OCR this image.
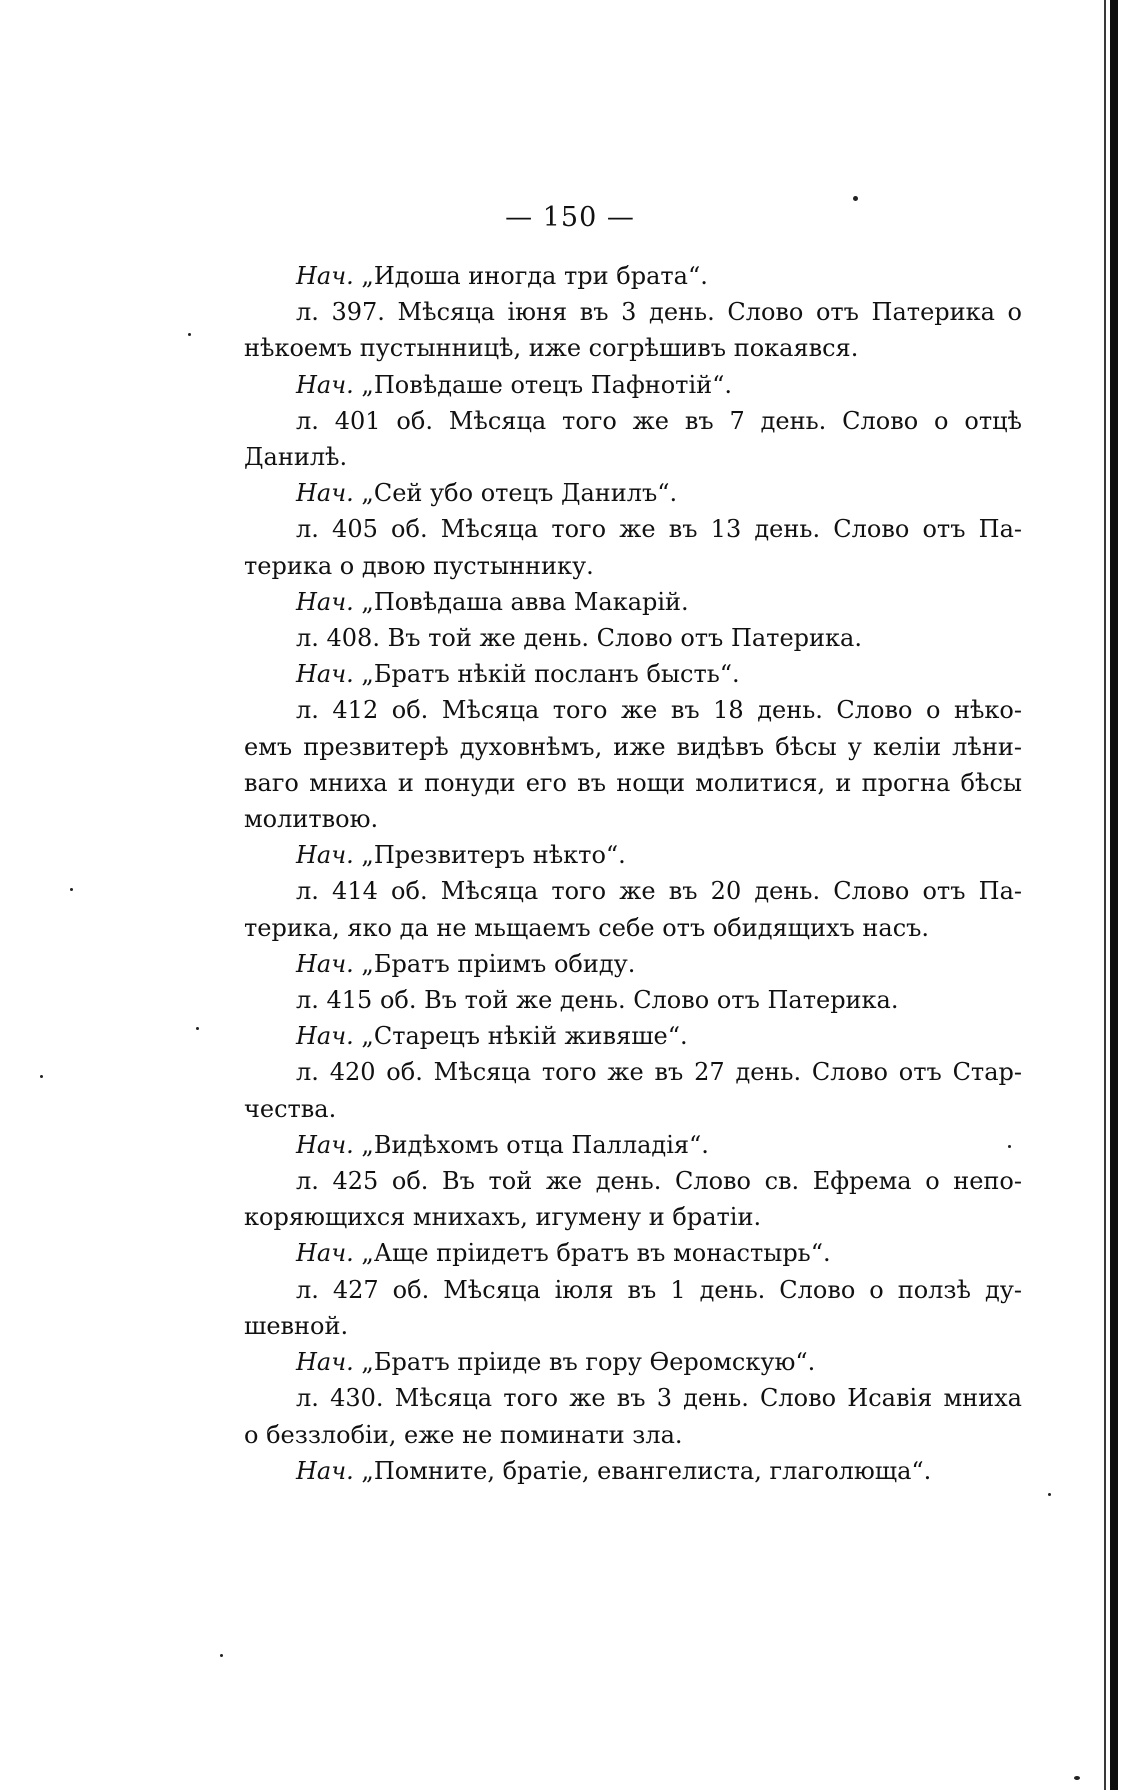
— 150 —
Нач. „Идоша иногда три брата“.
л. 397. Мѣсяца іюня въ 3 день. Слово отъ Патерика о
нѣкоемъ пустынницѣ, иже согрѣшивъ покаявся.
Нач. „Повѣдаше отецъ Пафнотій“.
л. 401 об. Мѣсяца того же въ 7 день. Слово о отцѣ
Данилѣ.
Нач. „Сей убо отецъ Данилъ“.
л. 405 об. Мѣсяца того же въ 13 день. Слово отъ Па-
терика о двою пустыннику.
Нач. „Повѣдаша авва Макарій.
л. 408. Въ той же день. Слово отъ Патерика.
Нач. „Братъ нѣкій посланъ бысть“.
л. 412 об. Мѣсяца того же въ 18 день. Слово о нѣко-
емъ презвитерѣ духовнѣмъ, иже видѣвъ бѣсы у келіи лѣни-
ваго мниха и понуди его въ нощи молитися, и прогна бѣсы
молитвою.
Нач. „Презвитеръ нѣкто“.
л. 414 об. Мѣсяца того же въ 20 день. Слово отъ Па-
терика, яко да не мьщаемъ себе отъ обидящихъ насъ.
Нач. „Братъ пріимъ обиду.
л. 415 об. Въ той же день. Слово отъ Патерика.
Нач. „Старецъ нѣкій живяше“.
л. 420 об. Мѣсяца того же въ 27 день. Слово отъ Стар-
чества.
Нач. „Видѣхомъ отца Палладія“.
л. 425 об. Въ той же день. Слово св. Ефрема о непо-
коряющихся мнихахъ, игумену и братіи.
Нач. „Аще пріидетъ братъ въ монастырь“.
л. 427 об. Мѣсяца іюля въ 1 день. Слово о ползѣ ду-
шевной.
Нач. „Братъ пріиде въ гору Ѳеромскую“.
л. 430. Мѣсяца того же въ 3 день. Слово Исавія мниха
о беззлобіи, еже не поминати зла.
Нач. „Помните, братіе, евангелиста, глаголюща“.
